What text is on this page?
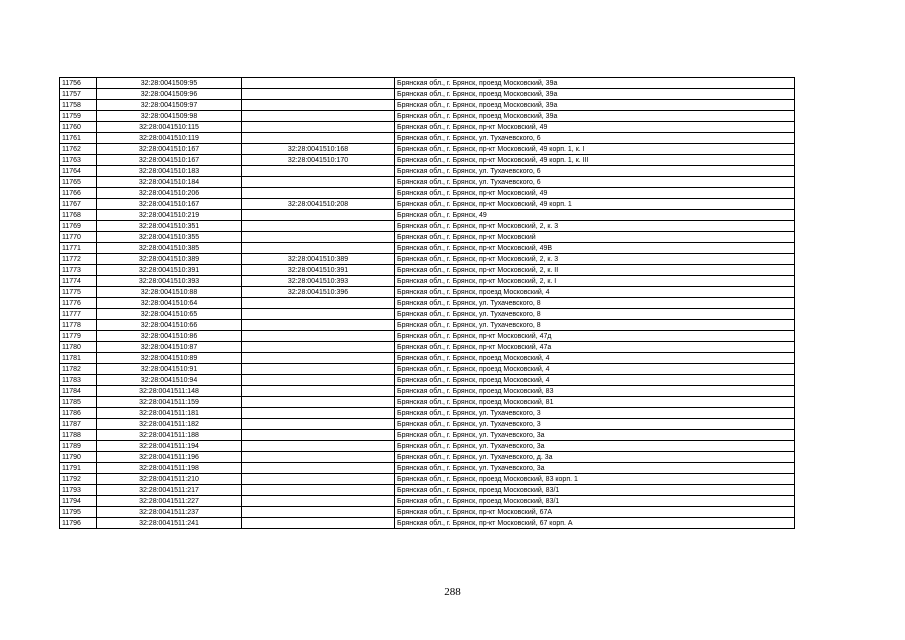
11756	32:28:0041509:95		Брянская обл., г. Брянск, проезд Московский, 39а
11757	32:28:0041509:96		Брянская обл., г. Брянск, проезд Московский, 39а
11758	32:28:0041509:97		Брянская обл., г. Брянск, проезд Московский, 39а
11759	32:28:0041509:98		Брянская обл., г. Брянск, проезд Московский, 39а
11760	32:28:0041510:115		Брянская обл., г. Брянск, пр-кт Московский, 49
11761	32:28:0041510:119		Брянская обл., г. Брянск, ул. Тухачевского, 6
11762	32:28:0041510:167	32:28:0041510:168	Брянская обл., г. Брянск, пр-кт Московский, 49 корп. 1, к. I
11763	32:28:0041510:167	32:28:0041510:170	Брянская обл., г. Брянск, пр-кт Московский, 49 корп. 1, к. III
11764	32:28:0041510:183		Брянская обл., г. Брянск, ул. Тухачевского, 6
11765	32:28:0041510:184		Брянская обл., г. Брянск, ул. Тухачевского, 6
11766	32:28:0041510:206		Брянская обл., г. Брянск, пр-кт Московский, 49
11767	32:28:0041510:167	32:28:0041510:208	Брянская обл., г. Брянск, пр-кт Московский, 49 корп. 1
11768	32:28:0041510:219		Брянская обл., г. Брянск, 49
11769	32:28:0041510:351		Брянская обл., г. Брянск, пр-кт Московский, 2, к. 3
11770	32:28:0041510:355		Брянская обл., г. Брянск, пр-кт Московский
11771	32:28:0041510:385		Брянская обл., г. Брянск, пр-кт Московский, 49В
11772	32:28:0041510:389	32:28:0041510:389	Брянская обл., г. Брянск, пр-кт Московский, 2, к. 3
11773	32:28:0041510:391	32:28:0041510:391	Брянская обл., г. Брянск, пр-кт Московский, 2, к. II
11774	32:28:0041510:393	32:28:0041510:393	Брянская обл., г. Брянск, пр-кт Московский, 2, к. I
11775	32:28:0041510:88	32:28:0041510:396	Брянская обл., г. Брянск, проезд Московский, 4
11776	32:28:0041510:64		Брянская обл., г. Брянск, ул. Тухачевского, 8
11777	32:28:0041510:65		Брянская обл., г. Брянск, ул. Тухачевского, 8
11778	32:28:0041510:66		Брянская обл., г. Брянск, ул. Тухачевского, 8
11779	32:28:0041510:86		Брянская обл., г. Брянск, пр-кт Московский, 47д
11780	32:28:0041510:87		Брянская обл., г. Брянск, пр-кт Московский, 47а
11781	32:28:0041510:89		Брянская обл., г. Брянск, проезд Московский, 4
11782	32:28:0041510:91		Брянская обл., г. Брянск, проезд Московский, 4
11783	32:28:0041510:94		Брянская обл., г. Брянск, проезд Московский, 4
11784	32:28:0041511:148		Брянская обл., г. Брянск, проезд Московский, 83
11785	32:28:0041511:159		Брянская обл., г. Брянск, проезд Московский, 81
11786	32:28:0041511:181		Брянская обл., г. Брянск, ул. Тухачевского, 3
11787	32:28:0041511:182		Брянская обл., г. Брянск, ул. Тухачевского, 3
11788	32:28:0041511:188		Брянская обл., г. Брянск, ул. Тухачевского, 3а
11789	32:28:0041511:194		Брянская обл., г. Брянск, ул. Тухачевского, 3а
11790	32:28:0041511:196		Брянская обл., г. Брянск, ул. Тухачевского, д. 3а
11791	32:28:0041511:198		Брянская обл., г. Брянск, ул. Тухачевского, 3а
11792	32:28:0041511:210		Брянская обл., г. Брянск, проезд Московский, 83 корп. 1
11793	32:28:0041511:217		Брянская обл., г. Брянск, проезд Московский, 83/1
11794	32:28:0041511:227		Брянская обл., г. Брянск, проезд Московский, 83/1
11795	32:28:0041511:237		Брянская обл., г. Брянск, пр-кт Московский, 67А
11796	32:28:0041511:241		Брянская обл., г. Брянск, пр-кт Московский, 67 корп. А
288
